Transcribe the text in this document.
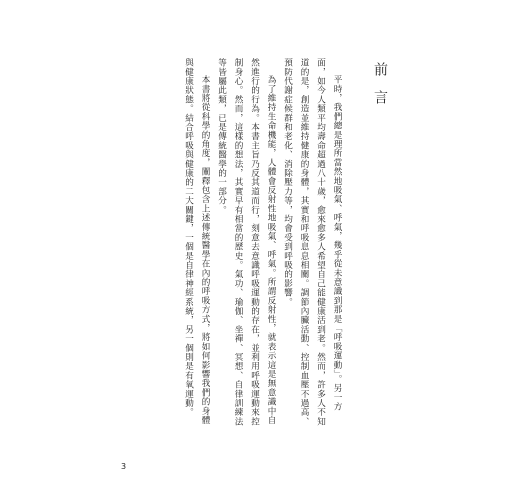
前　言

平時，我們總是理所當然地吸氣、呼氣，幾乎從未意識到那是「呼吸運動」。另一方
面，如今人類平均壽命超過八十歲，愈來愈多人希望自己能健康活到老。然而，許多人不知
道的是，創造並維持健康的身體，其實和呼吸息息相關。調節內臟活動、控制血壓不過高、
預防代謝症候群和老化、消除壓力等，均會受到呼吸的影響。

為了維持生命機能，人體會反射性地吸氣、呼氣。所謂反射性，就表示這是無意識中自
然進行的行為。本書主旨乃反其道而行，刻意去意識呼吸運動的存在，並利用呼吸運動來控
制身心。然而，這樣的想法，其實早有相當的歷史。氣功、瑜伽、坐禪、冥想、自律訓練法
等皆屬此類，已是傳統醫學的一部分。

本書將從科學的角度，闡釋包含上述傳統醫學在內的呼吸方式，將如何影響我們的身體
與健康狀態。結合呼吸與健康的二大關鍵，一個是自律神經系統，另一個則是有氧運動。

3
